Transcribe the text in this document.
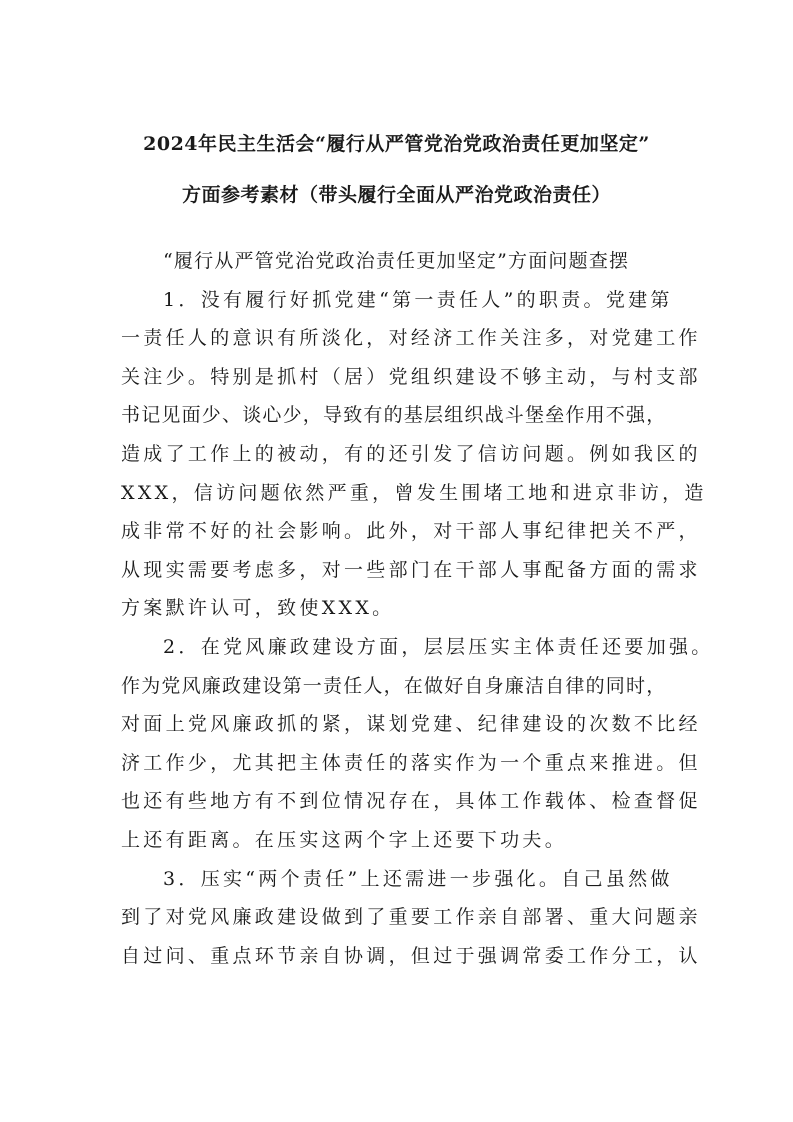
2024年民主生活会“履行从严管党治党政治责任更加坚定”
方面参考素材（带头履行全面从严治党政治责任）
“履行从严管党治党政治责任更加坚定”方面问题查摆
1．没有履行好抓党建“第一责任人”的职责。党建第
一责任人的意识有所淡化，对经济工作关注多，对党建工作
关注少。特别是抓村（居）党组织建设不够主动，与村支部
书记见面少、谈心少，导致有的基层组织战斗堡垒作用不强，
造成了工作上的被动，有的还引发了信访问题。例如我区的
XXX，信访问题依然严重，曾发生围堵工地和进京非访，造
成非常不好的社会影响。此外，对干部人事纪律把关不严，
从现实需要考虑多，对一些部门在干部人事配备方面的需求
方案默许认可，致使XXX。
2．在党风廉政建设方面，层层压实主体责任还要加强。
作为党风廉政建设第一责任人，在做好自身廉洁自律的同时，
对面上党风廉政抓的紧，谋划党建、纪律建设的次数不比经
济工作少，尤其把主体责任的落实作为一个重点来推进。但
也还有些地方有不到位情况存在，具体工作载体、检查督促
上还有距离。在压实这两个字上还要下功夫。
3．压实“两个责任”上还需进一步强化。自己虽然做
到了对党风廉政建设做到了重要工作亲自部署、重大问题亲
自过问、重点环节亲自协调，但过于强调常委工作分工，认
